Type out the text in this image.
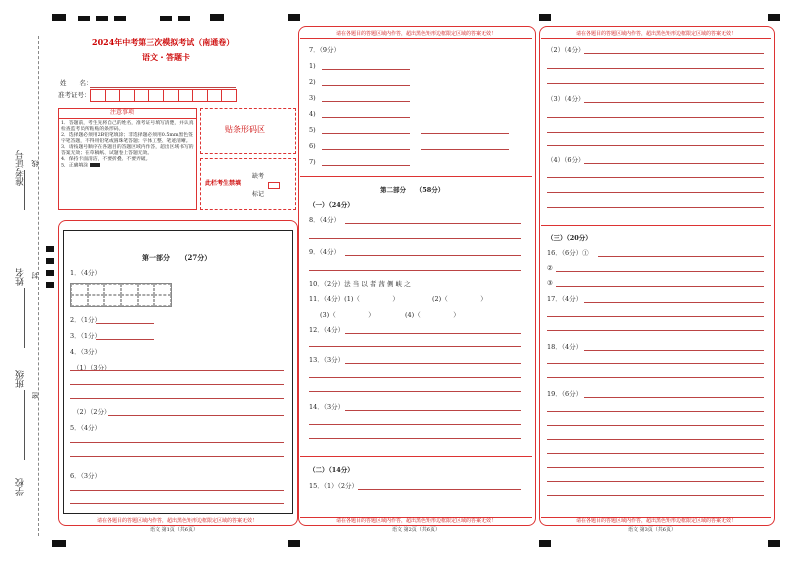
准考证号 线
姓名 封
班级
密
学校
2024年中考第三次模拟考试（南通卷）
语文・答题卡
姓　　名：
准考证号：
注意事项
1．答题前，考生先将自己的姓名，准考证号填写清楚，并认真检查监考员所粘贴的条形码。
2．选择题必须用2B铅笔填涂；非选择题必须用0.5mm黑色签字笔答题，不得用铅笔或圆珠笔答题；字体工整、笔迹清晰。
3．请按题号顺序在各题目的答题区域内作答，超出区域书写的答案无效；在草稿纸、试题卷上答题无效。
4．保持卡面清洁，不要折叠、不要弄破。
5．正确填涂
贴条形码区
此栏考生禁填
缺考
标记
第一部分　　（27分）
1．（4分）
2．（1分）
3．（1分）
4．（3分）
（1）（3分）
（2）（2分）
5．（4分）
6．（3分）
请在各题目的答题区域内作答，超出黑色矩形边框限定区域的答案无效！
语文 第1页（共6页）
请在各题目的答题区域内作答，超出黑色矩形边框限定区域的答案无效！
7．（9分）
1)
2)
3)
4)
5)
6)
7)
第二部分　　（58分）
（一）（24分）
8．（4分）
9．（4分）
10．（2分）法 当 以 者 茜 侧 峡 之
11．（4分）(1)（　　　　　）	(2)（　　　　　）
(3)（　　　　　）	(4)（　　　　　）
12．（4分）
13．（3分）
14．（3分）
（二）（14分）
15．（1）（2分）
请在各题目的答题区域内作答，超出黑色矩形边框限定区域的答案无效！
语文 第2页（共6页）
请在各题目的答题区域内作答，超出黑色矩形边框限定区域的答案无效！
（2）（4分）
（3）（4分）
（4）（6分）
（三）（20分）
16．（6分）①
②
③
17．（4分）
18．（4分）
19．（6分）
请在各题目的答题区域内作答，超出黑色矩形边框限定区域的答案无效！
语文 第3页（共6页）
